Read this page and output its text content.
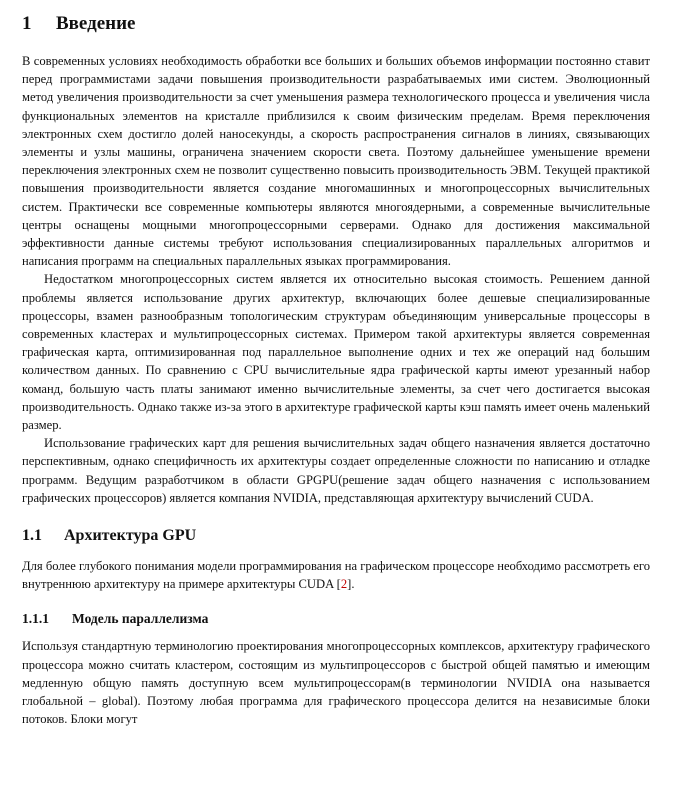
1 Введение

В современных условиях необходимость обработки все больших и больших объемов информации постоянно ставит перед программистами задачи повышения производительности разрабатываемых ими систем. Эволюционный метод увеличения производительности за счет уменьшения размера технологического процесса и увеличения числа функциональных элементов на кристалле приблизился к своим физическим пределам. Время переключения электронных схем достигло долей наносекунды, а скорость распространения сигналов в линиях, связывающих элементы и узлы машины, ограничена значением скорости света. Поэтому дальнейшее уменьшение времени переключения электронных схем не позволит существенно повысить производительность ЭВМ. Текущей практикой повышения производительности является создание многомашинных и многопроцессорных вычислительных систем. Практически все современные компьютеры являются многоядерными, а современные вычислительные центры оснащены мощными многопроцессорными серверами. Однако для достижения максимальной эффективности данные системы требуют использования специализированных параллельных алгоритмов и написания программ на специальных параллельных языках программирования.

Недостатком многопроцессорных систем является их относительно высокая стоимость. Решением данной проблемы является использование других архитектур, включающих более дешевые специализированные процессоры, взамен разнообразным топологическим структурам объединяющим универсальные процессоры в современных кластерах и мультипроцессорных системах. Примером такой архитектуры является современная графическая карта, оптимизированная под параллельное выполнение одних и тех же операций над большим количеством данных. По сравнению с CPU вычислительные ядра графической карты имеют урезанный набор команд, большую часть платы занимают именно вычислительные элементы, за счет чего достигается высокая производительность. Однако также из-за этого в архитектуре графической карты кэш память имеет очень маленький размер.

Использование графических карт для решения вычислительных задач общего назначения является достаточно перспективным, однако специфичность их архитектуры создает определенные сложности по написанию и отладке программ. Ведущим разработчиком в области GPGPU(решение задач общего назначения с использованием графических процессоров) является компания NVIDIA, представляющая архитектуру вычислений CUDA.

1.1 Архитектура GPU

Для более глубокого понимания модели программирования на графическом процессоре необходимо рассмотреть его внутреннюю архитектуру на примере архитектуры CUDA [2].

1.1.1 Модель параллелизма

Используя стандартную терминологию проектирования многопроцессорных комплексов, архитектуру графического процессора можно считать кластером, состоящим из мультипроцессоров с быстрой общей памятью и имеющим медленную общую память доступную всем мультипроцессорам(в терминологии NVIDIA она называется глобальной – global). Поэтому любая программа для графического процессора делится на независимые блоки потоков. Блоки могут
